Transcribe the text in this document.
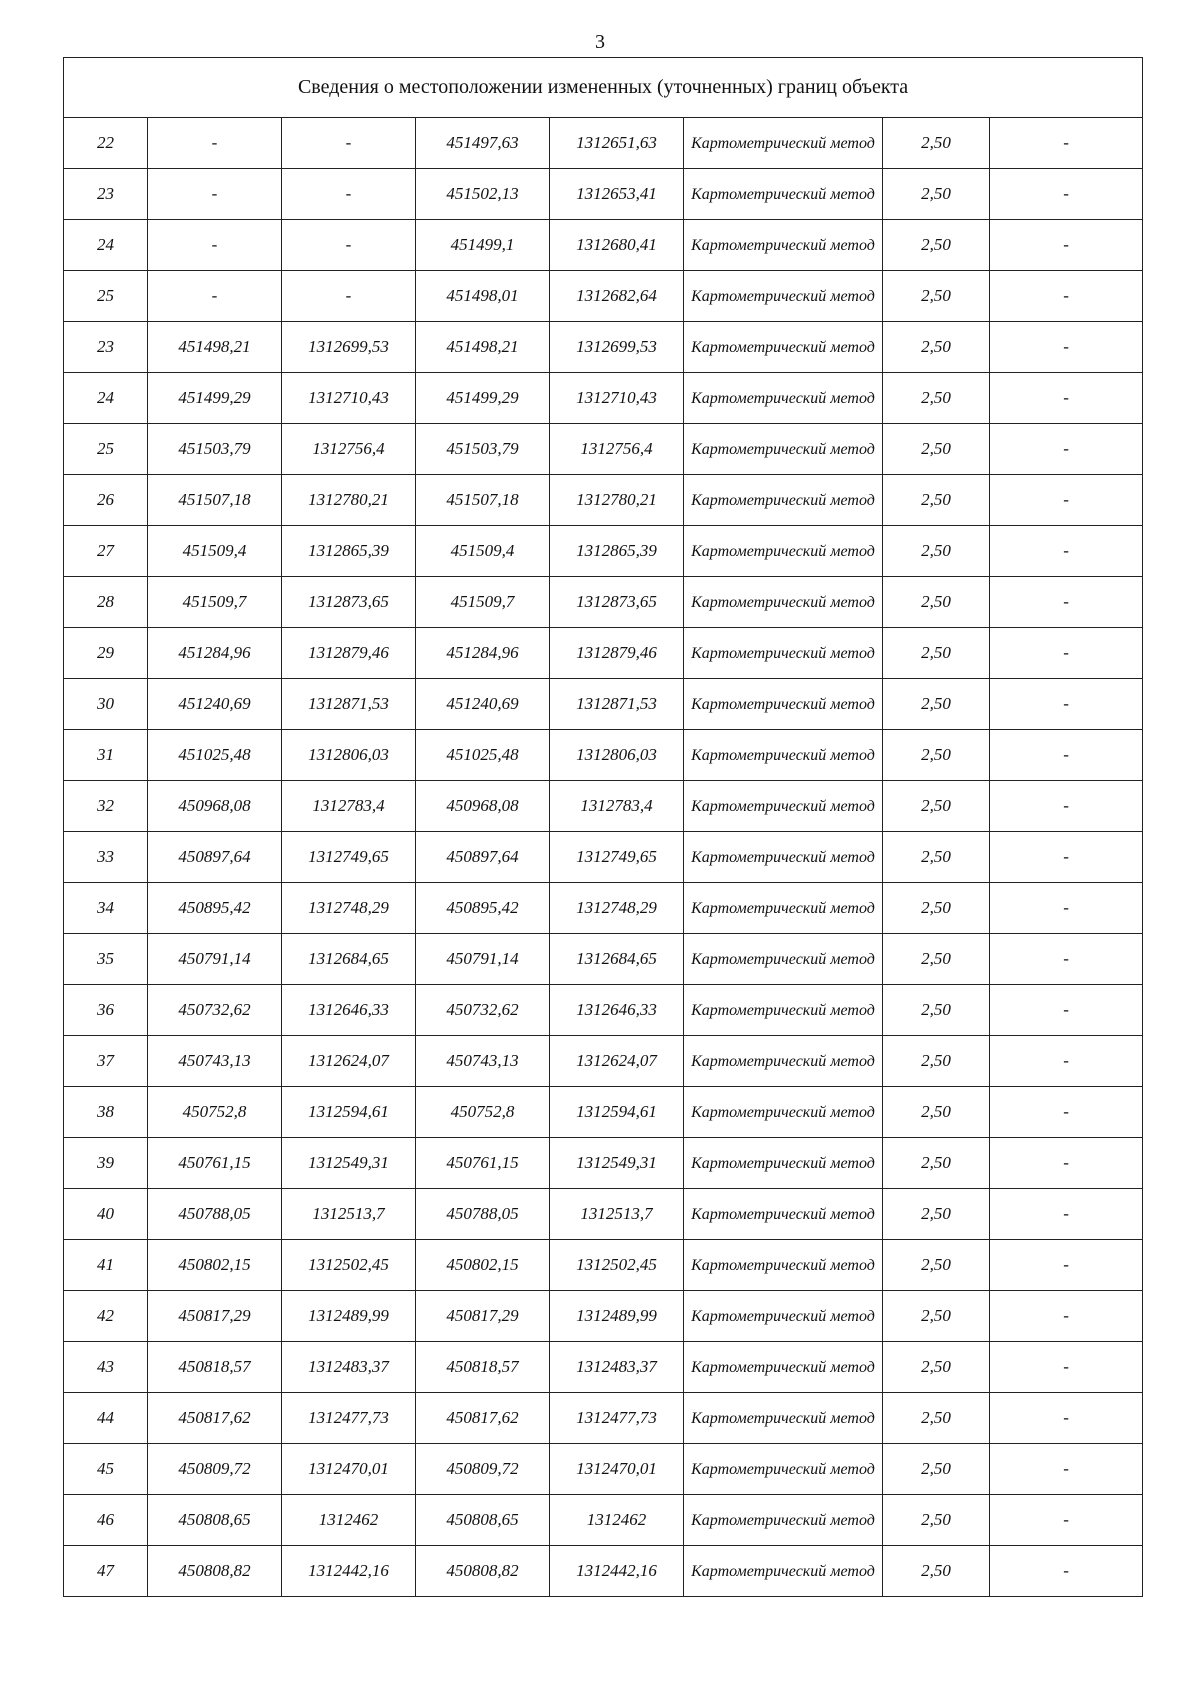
3
Сведения о местоположении измененных (уточненных) границ объекта							
22	-	-	451497,63	1312651,63	Картометрический метод	2,50	-
23	-	-	451502,13	1312653,41	Картометрический метод	2,50	-
24	-	-	451499,1	1312680,41	Картометрический метод	2,50	-
25	-	-	451498,01	1312682,64	Картометрический метод	2,50	-
23	451498,21	1312699,53	451498,21	1312699,53	Картометрический метод	2,50	-
24	451499,29	1312710,43	451499,29	1312710,43	Картометрический метод	2,50	-
25	451503,79	1312756,4	451503,79	1312756,4	Картометрический метод	2,50	-
26	451507,18	1312780,21	451507,18	1312780,21	Картометрический метод	2,50	-
27	451509,4	1312865,39	451509,4	1312865,39	Картометрический метод	2,50	-
28	451509,7	1312873,65	451509,7	1312873,65	Картометрический метод	2,50	-
29	451284,96	1312879,46	451284,96	1312879,46	Картометрический метод	2,50	-
30	451240,69	1312871,53	451240,69	1312871,53	Картометрический метод	2,50	-
31	451025,48	1312806,03	451025,48	1312806,03	Картометрический метод	2,50	-
32	450968,08	1312783,4	450968,08	1312783,4	Картометрический метод	2,50	-
33	450897,64	1312749,65	450897,64	1312749,65	Картометрический метод	2,50	-
34	450895,42	1312748,29	450895,42	1312748,29	Картометрический метод	2,50	-
35	450791,14	1312684,65	450791,14	1312684,65	Картометрический метод	2,50	-
36	450732,62	1312646,33	450732,62	1312646,33	Картометрический метод	2,50	-
37	450743,13	1312624,07	450743,13	1312624,07	Картометрический метод	2,50	-
38	450752,8	1312594,61	450752,8	1312594,61	Картометрический метод	2,50	-
39	450761,15	1312549,31	450761,15	1312549,31	Картометрический метод	2,50	-
40	450788,05	1312513,7	450788,05	1312513,7	Картометрический метод	2,50	-
41	450802,15	1312502,45	450802,15	1312502,45	Картометрический метод	2,50	-
42	450817,29	1312489,99	450817,29	1312489,99	Картометрический метод	2,50	-
43	450818,57	1312483,37	450818,57	1312483,37	Картометрический метод	2,50	-
44	450817,62	1312477,73	450817,62	1312477,73	Картометрический метод	2,50	-
45	450809,72	1312470,01	450809,72	1312470,01	Картометрический метод	2,50	-
46	450808,65	1312462	450808,65	1312462	Картометрический метод	2,50	-
47	450808,82	1312442,16	450808,82	1312442,16	Картометрический метод	2,50	-
